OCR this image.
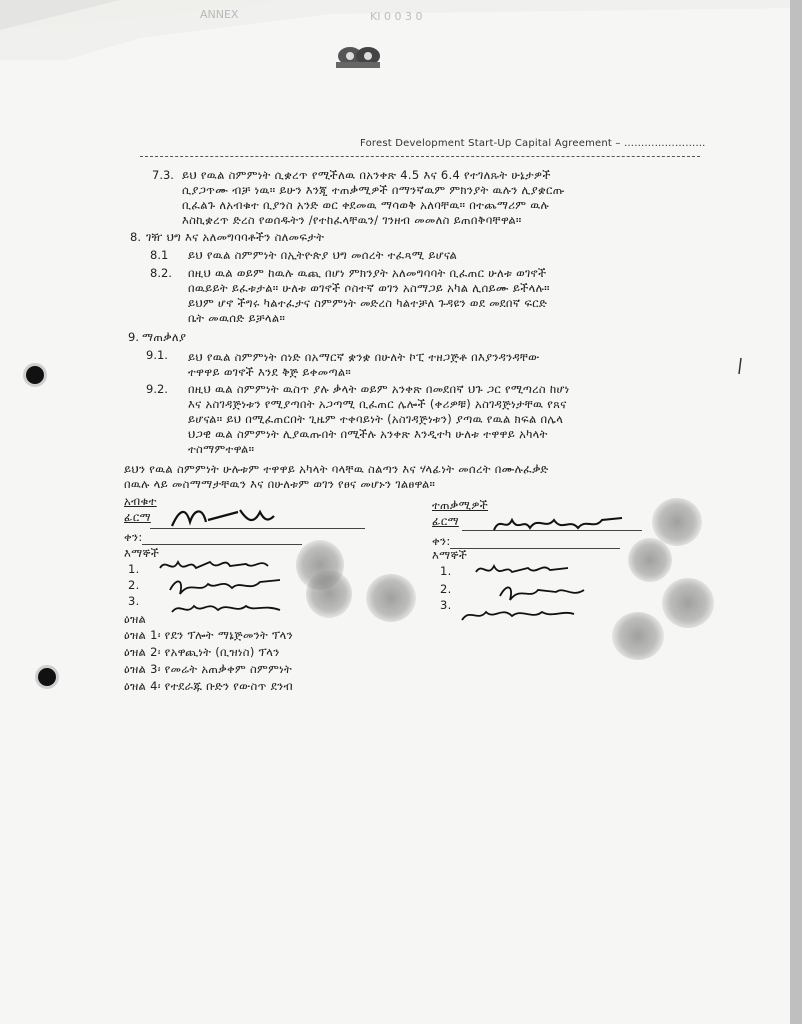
ANNEX	KI 0 0 3 0
Forest Development Start-Up Capital Agreement – ……………………
7.3. ይህ የዉል ስምምነት ሲቋረጥ የሚችለዉ በአንቀጽ 4.5 እና 6.4 የተገለጹት ሁኔታዎች
ሲያጋጥሙ ብቻ ነዉ። ይሁን እንጂ ተጠቃሚዎች በማንኛዉም ምክንያት ዉሉን ሊያቋርጡ
ቢፈልጉ ለአብቁተ ቢያንስ አንድ ወር ቀደመዉ ማሳወቅ አለባቸዉ። በተጨማሪም ዉሉ
እስኪቋረጥ ድረስ የወሰዱትን /የተከፈላቸዉን/ ገንዘብ መመለስ ይጠበቅባቸዋል።
8. ገዥ ህግ እና አለመግባባቶችን ስለመፍታት
8.1 ይህ የዉል ስምምነት በኢትዮጵያ ህግ መሰረት ተፈጻሚ ይሆናል
8.2. በዚህ ዉል ወይም ከዉሉ ዉጪ በሆነ ምክንያት አለመግባባት ቢፈጠር ሁለቱ ወገኖች
በዉይይት ይፈቱታል። ሁለቱ ወገኖች ሶስተኛ ወገን አስማጋይ አካል ሊሰይሙ ይችላሉ።
ይህም ሆኖ ችግሩ ካልተፈታና ስምምነት መድረስ ካልተቻለ ጉዳዩን ወደ መደበኛ ፍርድ
ቤት መዉሰድ ይቻላል።
9. ማጠቃለያ
9.1. ይህ የዉል ስምምነት ሰነድ በአማርኛ ቋንቋ በሁለት ኮፒ ተዘጋጅቶ በእያንዳንዳቸው
ተዋዋይ ወገኖች እንደ ቅጅ ይቀመጣል።
9.2. በዚህ ዉል ስምምነት ዉስጥ ያሉ ቃላት ወይም አንቀጽ በመደበኛ ህጉ ጋር የሚጣረስ ከሆነ
እና አስገዳጅነቱን የሚያጣበት አጋጣሚ ቢፈጠር ሌሎች (ቀሪዎቹ) አስገዳጅነታቸዉ የጸና
ይሆናል። ይህ በሚፈጠርበት ጊዜም ተቀባይነት (አስገዳጅነቱን) ያጣዉ የዉል ክፍል በሌላ
ህጋዊ ዉል ስምምነት ሊያዉጡበት በሚችሉ አንቀጽ እንዲተካ ሁለቱ ተዋዋይ አካላት
ተስማምተዋል።
ይህን የዉል ስምምነት ሁሉቱም ተዋዋይ አካላት ባላቸዉ ስልጣን እና ሃላፊነት መሰረት በሙሉፈቃድ
በዉሉ ላይ መስማማታቸዉን እና በሁለቱም ወገን የፀና መሆኑን ገልፀዋል።
አብቁተ
ፊርማ
ቀን:
እማኞች
1.
2.
3.
ዕዝል
ተጠቃሚዎች
ፊርማ
ቀን:
እማኞች
1.
2.
3.
ዕዝል 1፡ የደን ፕሎት ማኔጅመንት ፕላን
ዕዝል 2፡ የአዋጪነት (ቢዝነስ) ፕላን
ዕዝል 3፡ የመሬት አጠቃቀም ስምምነት
ዕዝል 4፡ የተደራጁ ቡድን የውስጥ ደንብ
